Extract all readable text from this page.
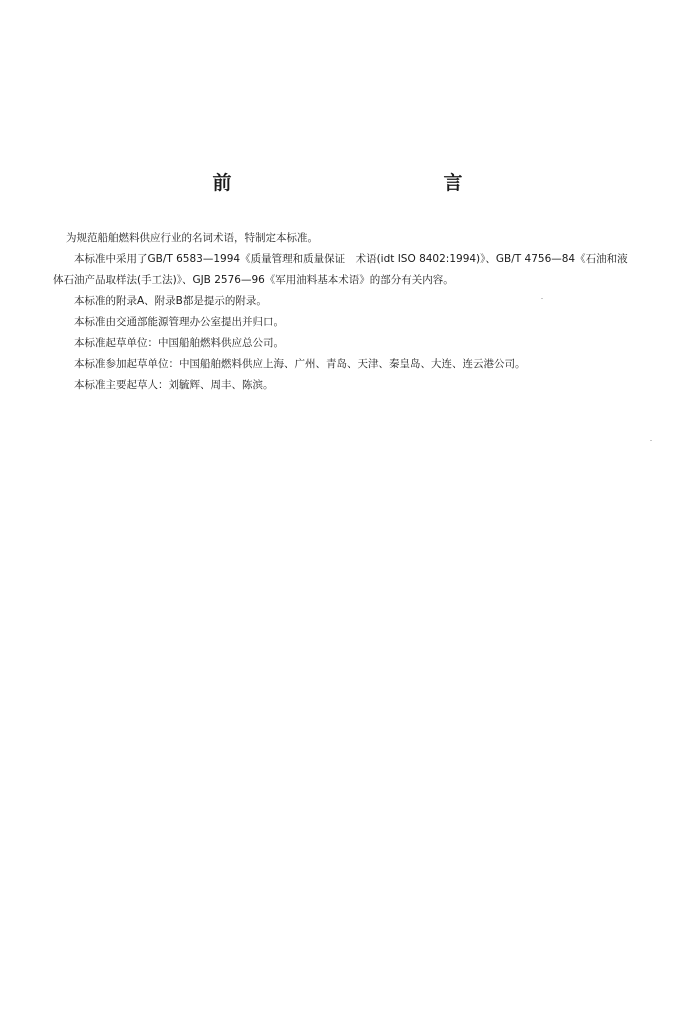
前　　言

为规范船舶燃料供应行业的名词术语，特制定本标准。

本标准中采用了GB/T 6583—1994《质量管理和质量保证　术语(idt ISO 8402:1994)》、GB/T 4756—84《石油和液体石油产品取样法(手工法)》、GJB 2576—96《军用油料基本术语》的部分有关内容。

本标准的附录A、附录B都是提示的附录。

本标准由交通部能源管理办公室提出并归口。

本标准起草单位：中国船舶燃料供应总公司。

本标准参加起草单位：中国船舶燃料供应上海、广州、青岛、天津、秦皇岛、大连、连云港公司。

本标准主要起草人：刘毓辉、周丰、陈滨。
